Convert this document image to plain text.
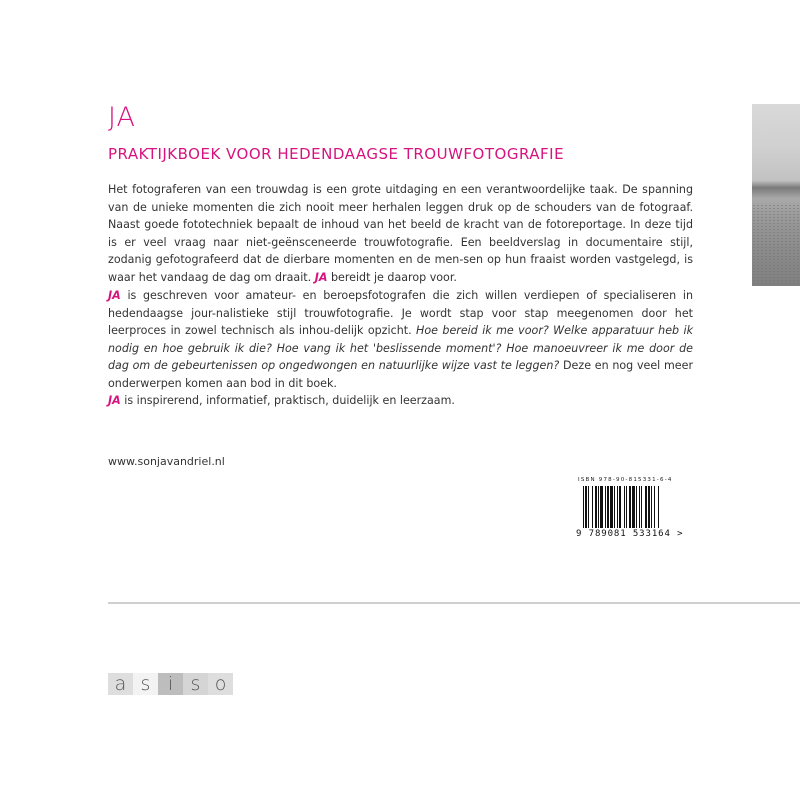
JA
PRAKTIJKBOEK VOOR HEDENDAAGSE TROUWFOTOGRAFIE
Het fotograferen van een trouwdag is een grote uitdaging en een verantwoordelijke taak. De spanning van de unieke momenten die zich nooit meer herhalen leggen druk op de schouders van de fotograaf. Naast goede fototechniek bepaalt de inhoud van het beeld de kracht van de fotoreportage. In deze tijd is er veel vraag naar niet-geënsceneerde trouwfotografie. Een beeldverslag in documentaire stijl, zodanig gefotografeerd dat de dierbare momenten en de men-sen op hun fraaist worden vastgelegd, is waar het vandaag de dag om draait. JA bereidt je daarop voor.
JA is geschreven voor amateur- en beroepsfotografen die zich willen verdiepen of specialiseren in hedendaagse jour-nalistieke stijl trouwfotografie. Je wordt stap voor stap meegenomen door het leerproces in zowel technisch als inhou-delijk opzicht. Hoe bereid ik me voor? Welke apparatuur heb ik nodig en hoe gebruik ik die? Hoe vang ik het 'beslissende moment'? Hoe manoeuvreer ik me door de dag om de gebeurtenissen op ongedwongen en natuurlijke wijze vast te leggen? Deze en nog veel meer onderwerpen komen aan bod in dit boek.
JA is inspirerend, informatief, praktisch, duidelijk en leerzaam.
www.sonjavandriel.nl
ISBN 978-90-815331-6-4
9 789081 533164 >
a s i s o
